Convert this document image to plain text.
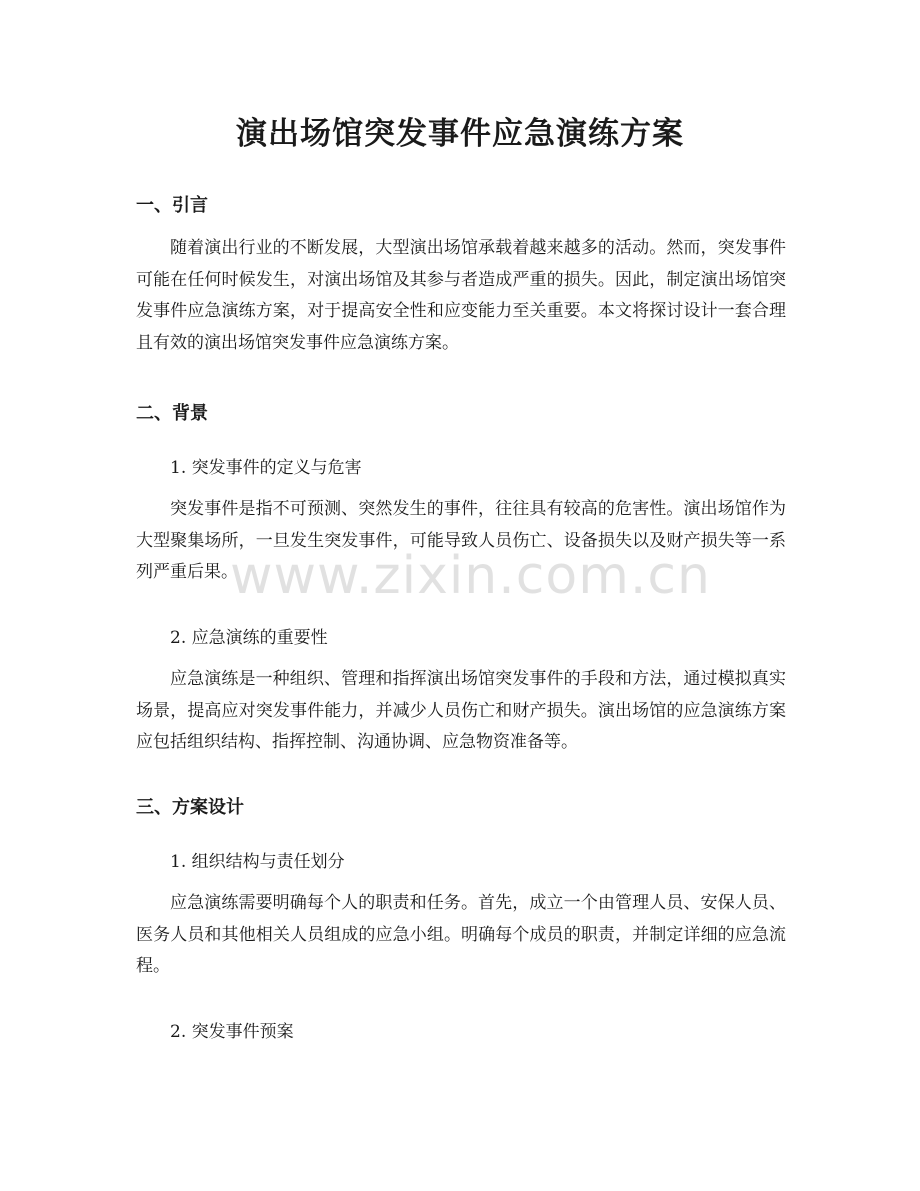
演出场馆突发事件应急演练方案
一、引言

随着演出行业的不断发展，大型演出场馆承载着越来越多的活动。然而，突发事件可能在任何时候发生，对演出场馆及其参与者造成严重的损失。因此，制定演出场馆突发事件应急演练方案，对于提高安全性和应变能力至关重要。本文将探讨设计一套合理且有效的演出场馆突发事件应急演练方案。

二、背景

1. 突发事件的定义与危害

突发事件是指不可预测、突然发生的事件，往往具有较高的危害性。演出场馆作为大型聚集场所，一旦发生突发事件，可能导致人员伤亡、设备损失以及财产损失等一系列严重后果。

2. 应急演练的重要性

应急演练是一种组织、管理和指挥演出场馆突发事件的手段和方法，通过模拟真实场景，提高应对突发事件能力，并减少人员伤亡和财产损失。演出场馆的应急演练方案应包括组织结构、指挥控制、沟通协调、应急物资准备等。

三、方案设计

1. 组织结构与责任划分

应急演练需要明确每个人的职责和任务。首先，成立一个由管理人员、安保人员、医务人员和其他相关人员组成的应急小组。明确每个成员的职责，并制定详细的应急流程。

2. 突发事件预案

www.zixin.com.cn
